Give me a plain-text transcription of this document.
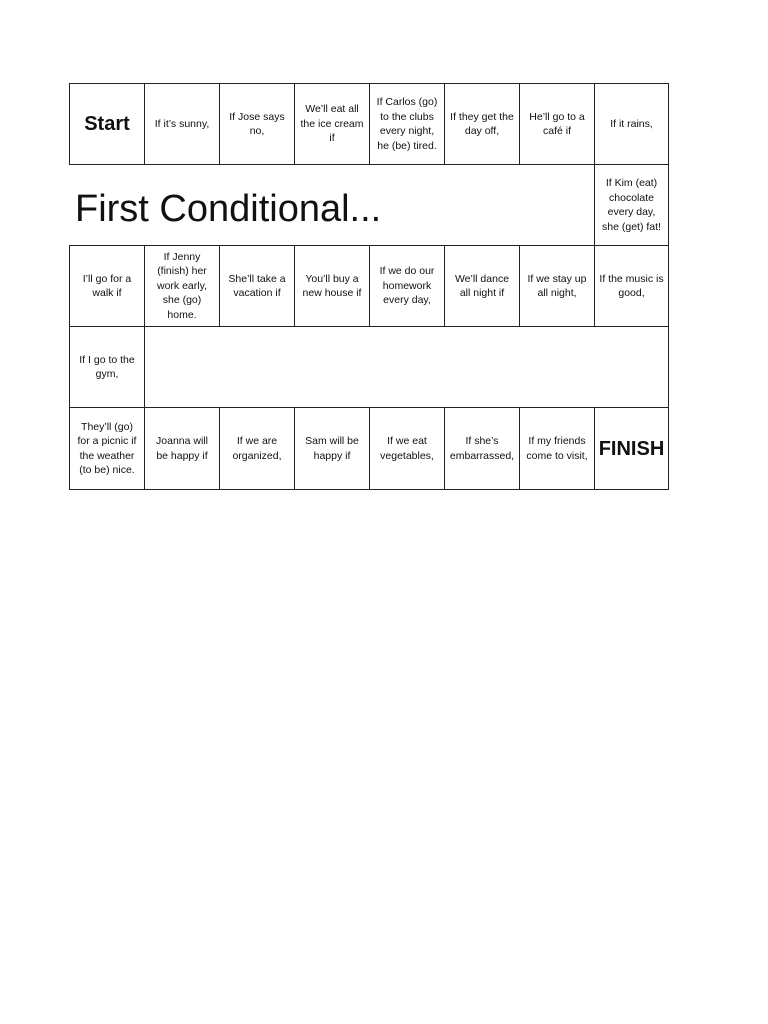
Start If it’s sunny,
If Jose says no,
We’ll eat all the ice cream if
If Carlos (go) to the clubs every night, he (be) tired.
If they get the day off,
He’ll go to a café if
If it rains,
First Conditional...
If Kim (eat) chocolate every day, she (get) fat!
I’ll go for a walk if
If Jenny (finish) her work early, she (go) home.
She’ll take a vacation if
You’ll buy a new house if
If we do our homework every day,
We’ll dance all night if
If we stay up all night,
If the music is good,
If I go to the gym,
They’ll (go) for a picnic if the weather (to be) nice.
Joanna will be happy if
If we are organized,
Sam will be happy if
If we eat vegetables,
If she’s embarrassed,
If my friends come to visit, FINISH
